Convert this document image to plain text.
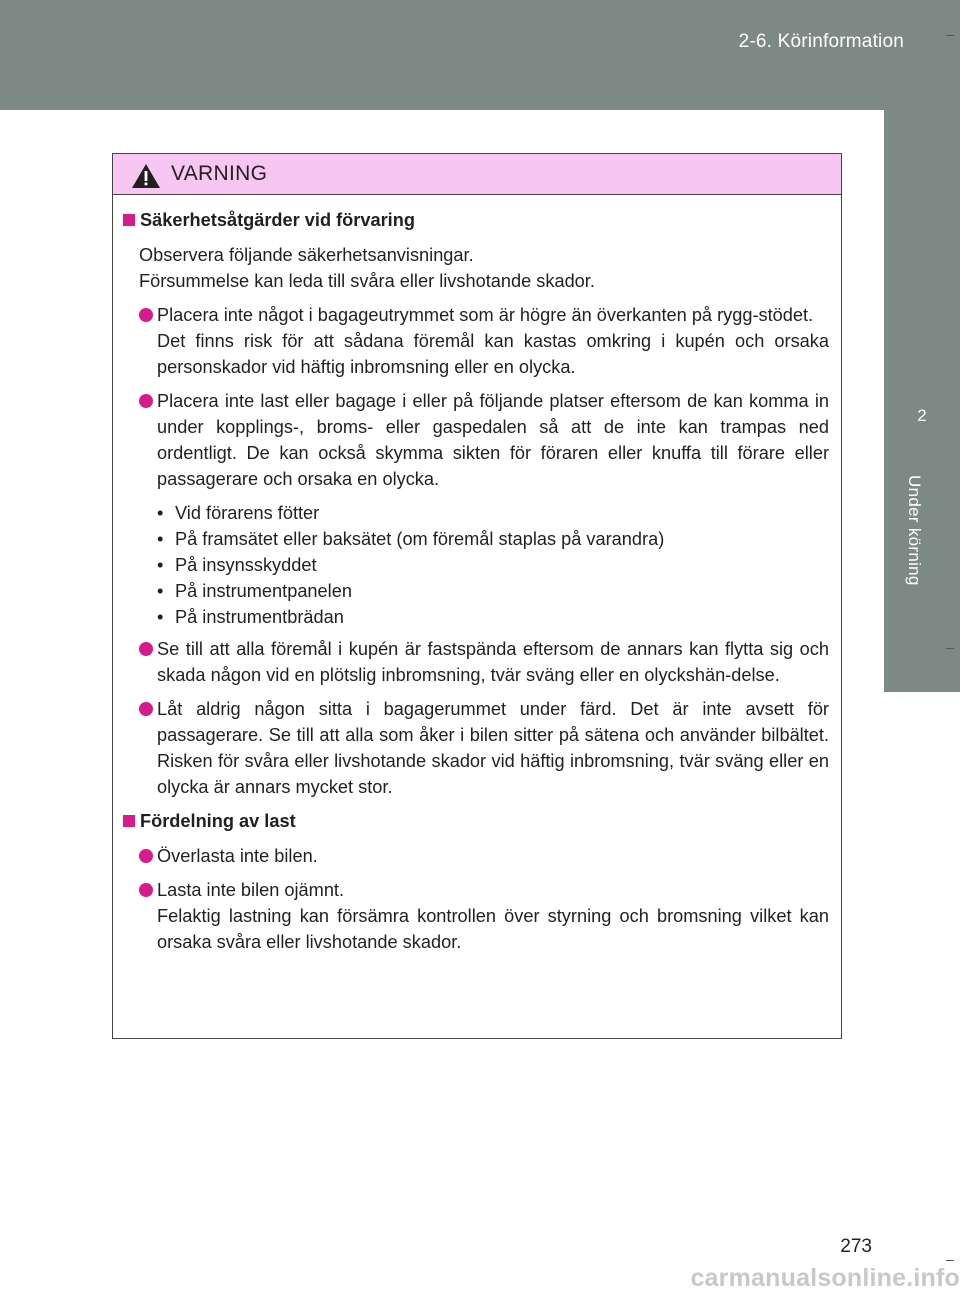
2-6. Körinformation
2
Under körning
VARNING
Säkerhetsåtgärder vid förvaring
Observera följande säkerhetsanvisningar.
Försummelse kan leda till svåra eller livshotande skador.
Placera inte något i bagageutrymmet som är högre än överkanten på rygg-stödet.
Det finns risk för att sådana föremål kan kastas omkring i kupén och orsaka personskador vid häftig inbromsning eller en olycka.
Placera inte last eller bagage i eller på följande platser eftersom de kan komma in under kopplings-, broms- eller gaspedalen så att de inte kan trampas ned ordentligt. De kan också skymma sikten för föraren eller knuffa till förare eller passagerare och orsaka en olycka.
• Vid förarens fötter
• På framsätet eller baksätet (om föremål staplas på varandra)
• På insynsskyddet
• På instrumentpanelen
• På instrumentbrädan
Se till att alla föremål i kupén är fastspända eftersom de annars kan flytta sig och skada någon vid en plötslig inbromsning, tvär sväng eller en olyckshän-delse.
Låt aldrig någon sitta i bagagerummet under färd. Det är inte avsett för passagerare. Se till att alla som åker i bilen sitter på sätena och använder bilbältet. Risken för svåra eller livshotande skador vid häftig inbromsning, tvär sväng eller en olycka är annars mycket stor.
Fördelning av last
Överlasta inte bilen.
Lasta inte bilen ojämnt.
Felaktig lastning kan försämra kontrollen över styrning och bromsning vilket kan orsaka svåra eller livshotande skador.
273
carmanualsonline.info
